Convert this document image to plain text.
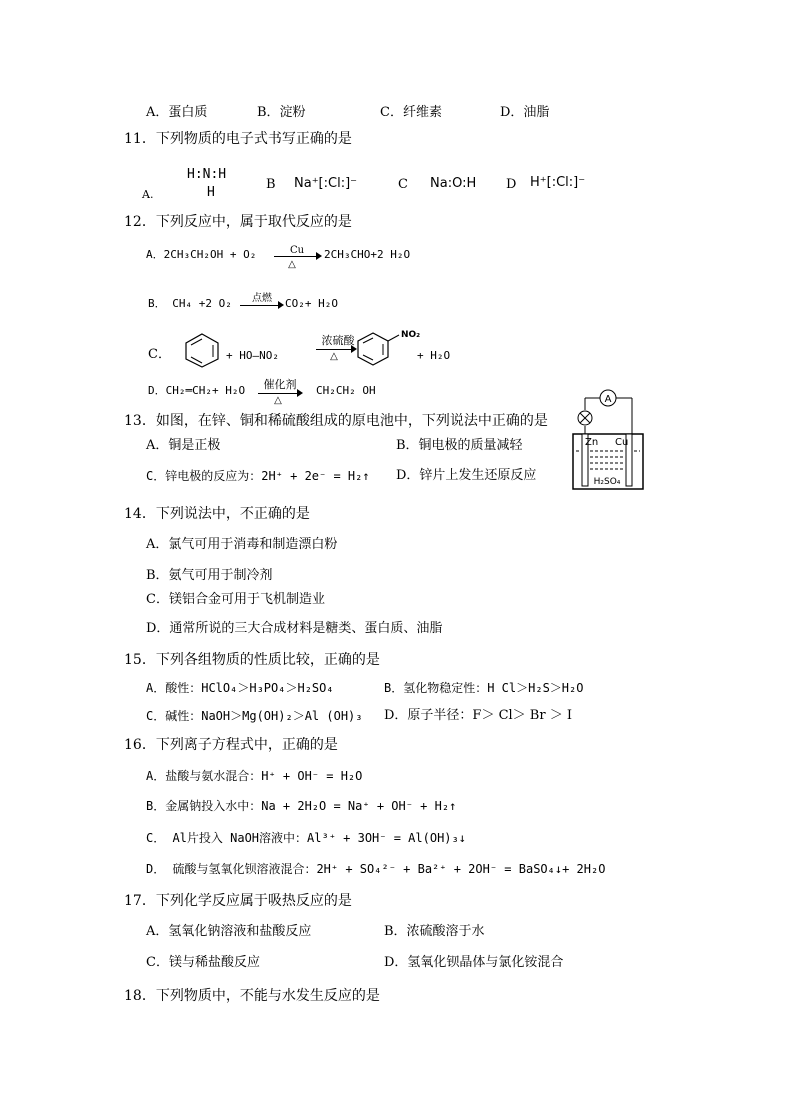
A．蛋白质	B．淀粉	C．纤维素	D．油脂
11．下列物质的电子式书写正确的是
A.
H:N:H
H
B Na⁺[:Cl:]⁻	C Na:O:H D H⁺[:Cl:]⁻
12．下列反应中，属于取代反应的是
A．2CH₃CH₂OH + O₂	Cu
△
2CH₃CHO+2 H₂O
B． CH₄ +2 O₂	点燃	CO₂+ H₂O
C．	+ HO—NO₂
浓硫酸
△
NO₂
+ H₂O
D．CH₂═CH₂+ H₂O	催化剂
△
CH₂CH₂ OH
13．如图，在锌、铜和稀硫酸组成的原电池中，下列说法中正确的是
A．铜是正极	B．铜电极的质量减轻
C．锌电极的反应为：2H⁺ + 2e⁻ = H₂↑ D．锌片上发生还原反应
A
Zn Cu
H₂SO₄
14．下列说法中，不正确的是
A．氯气可用于消毒和制造漂白粉
B．氨气可用于制冷剂
C．镁铝合金可用于飞机制造业
D．通常所说的三大合成材料是糖类、蛋白质、油脂
15．下列各组物质的性质比较，正确的是
A．酸性：HClO₄＞H₃PO₄＞H₂SO₄	B．氢化物稳定性：H Cl＞H₂S＞H₂O
C．碱性：NaOH＞Mg(OH)₂＞Al (OH)₃ D．原子半径：F＞ Cl＞ Br ＞ I
16．下列离子方程式中，正确的是
A．盐酸与氨水混合：H⁺ + OH⁻ = H₂O
B．金属钠投入水中：Na + 2H₂O = Na⁺ + OH⁻ + H₂↑
C． Al片投入 NaOH溶液中：Al³⁺ + 3OH⁻ = Al(OH)₃↓
D． 硫酸与氢氧化钡溶液混合：2H⁺ + SO₄²⁻ + Ba²⁺ + 2OH⁻ = BaSO₄↓+ 2H₂O
17．下列化学反应属于吸热反应的是
A．氢氧化钠溶液和盐酸反应	B．浓硫酸溶于水
C．镁与稀盐酸反应	D．氢氧化钡晶体与氯化铵混合
18．下列物质中，不能与水发生反应的是
